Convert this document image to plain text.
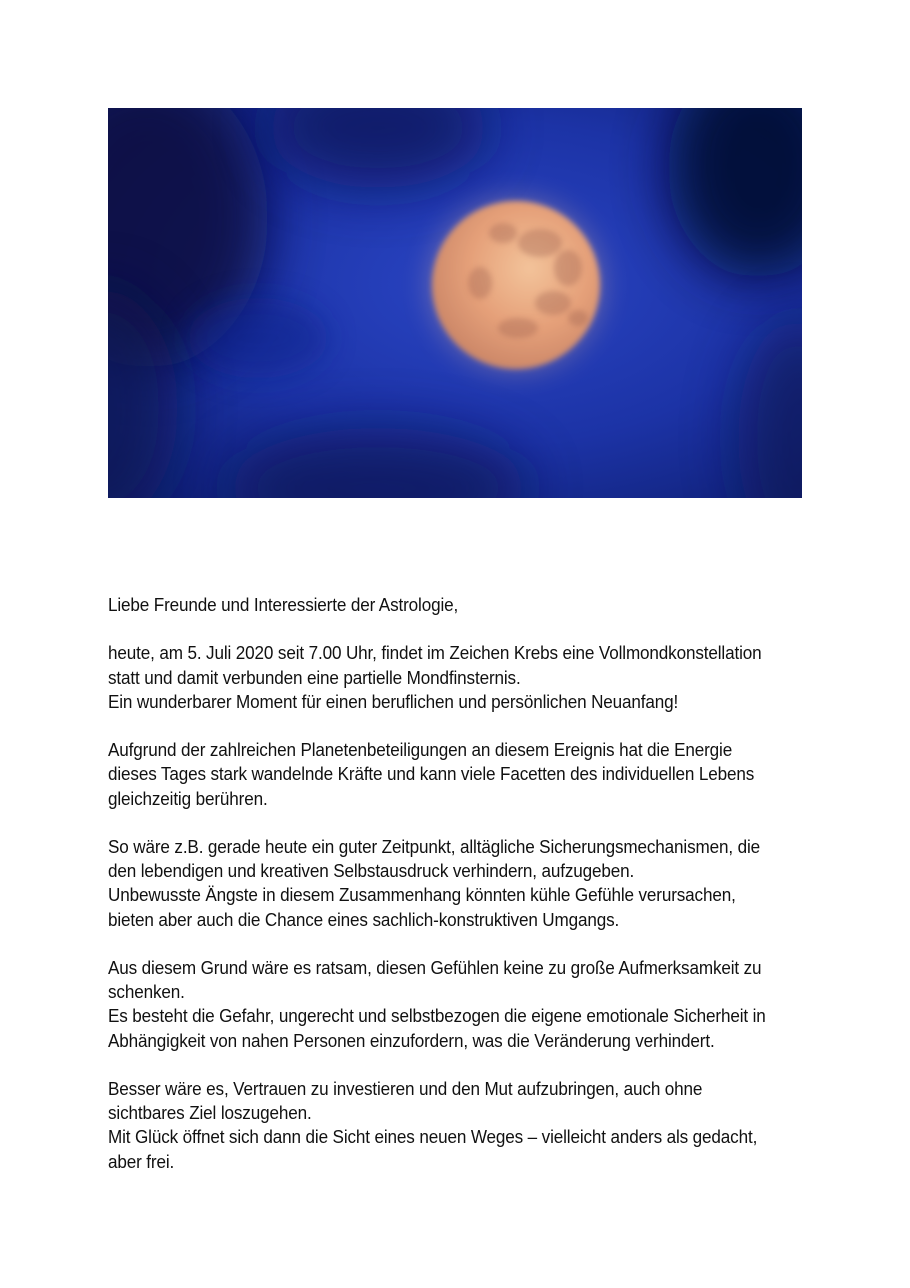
Liebe Freunde und Interessierte der Astrologie,

heute, am 5. Juli 2020 seit 7.00 Uhr, findet im Zeichen Krebs eine Vollmondkonstellation
statt und damit verbunden eine partielle Mondfinsternis.
Ein wunderbarer Moment für einen beruflichen und persönlichen Neuanfang!

Aufgrund der zahlreichen Planetenbeteiligungen an diesem Ereignis hat die Energie
dieses Tages stark wandelnde Kräfte und kann viele Facetten des individuellen Lebens
gleichzeitig berühren.

So wäre z.B. gerade heute ein guter Zeitpunkt, alltägliche Sicherungsmechanismen, die
den lebendigen und kreativen Selbstausdruck verhindern, aufzugeben.
Unbewusste Ängste in diesem Zusammenhang könnten kühle Gefühle verursachen,
bieten aber auch die Chance eines sachlich-konstruktiven Umgangs.

Aus diesem Grund wäre es ratsam, diesen Gefühlen keine zu große Aufmerksamkeit zu
schenken.
Es besteht die Gefahr, ungerecht und selbstbezogen die eigene emotionale Sicherheit in
Abhängigkeit von nahen Personen einzufordern, was die Veränderung verhindert.

Besser wäre es, Vertrauen zu investieren und den Mut aufzubringen, auch ohne
sichtbares Ziel loszugehen.
Mit Glück öffnet sich dann die Sicht eines neuen Weges – vielleicht anders als gedacht,
aber frei.
